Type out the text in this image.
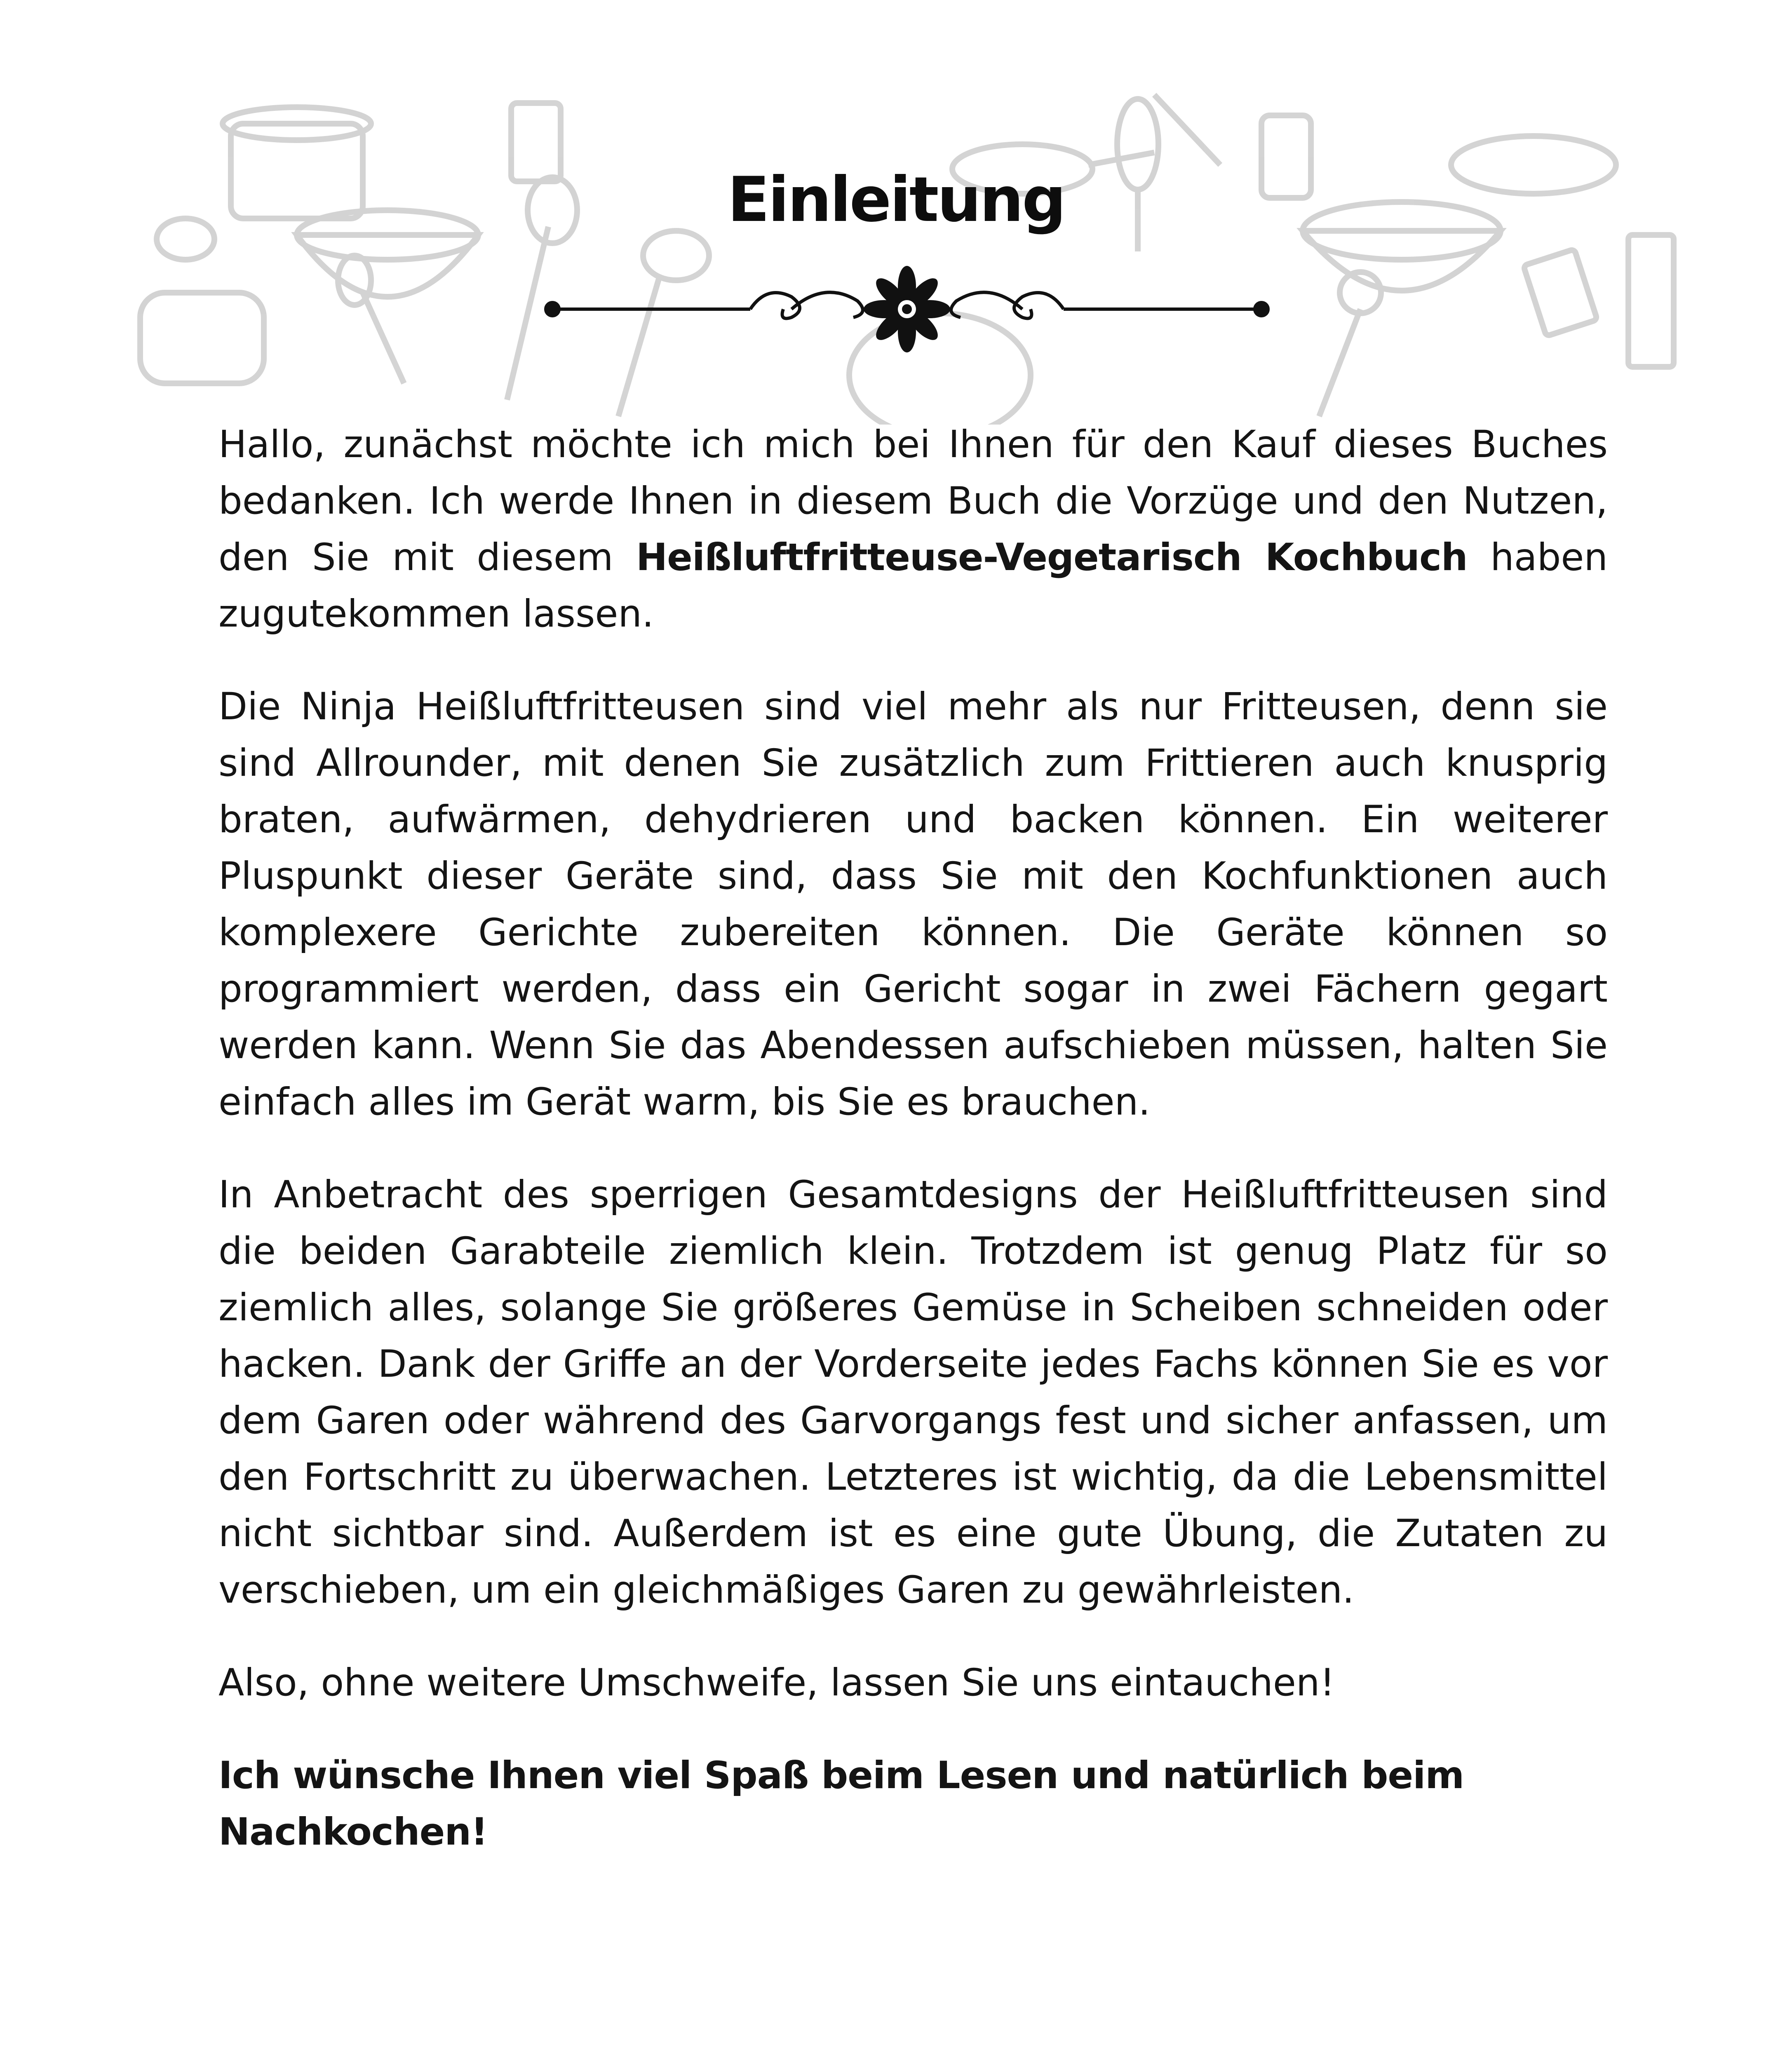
Einleitung

Hallo, zunächst möchte ich mich bei Ihnen für den Kauf dieses Buches bedanken. Ich werde Ihnen in diesem Buch die Vorzüge und den Nutzen, den Sie mit diesem Heißluftfritteuse-Vegetarisch Kochbuch haben zugutekommen lassen.

Die Ninja Heißluftfritteusen sind viel mehr als nur Fritteusen, denn sie sind Allrounder, mit denen Sie zusätzlich zum Frittieren auch knusprig braten, aufwärmen, dehydrieren und backen können. Ein weiterer Pluspunkt dieser Geräte sind, dass Sie mit den Kochfunktionen auch komplexere Gerichte zubereiten können. Die Geräte können so programmiert werden, dass ein Gericht sogar in zwei Fächern gegart werden kann. Wenn Sie das Abendessen aufschieben müssen, halten Sie einfach alles im Gerät warm, bis Sie es brauchen.

In Anbetracht des sperrigen Gesamtdesigns der Heißluftfritteusen sind die beiden Garabteile ziemlich klein. Trotzdem ist genug Platz für so ziemlich alles, solange Sie größeres Gemüse in Scheiben schneiden oder hacken. Dank der Griffe an der Vorderseite jedes Fachs können Sie es vor dem Garen oder während des Garvorgangs fest und sicher anfassen, um den Fortschritt zu überwachen. Letzteres ist wichtig, da die Lebensmittel nicht sichtbar sind. Außerdem ist es eine gute Übung, die Zutaten zu verschieben, um ein gleichmäßiges Garen zu gewährleisten.

Also, ohne weitere Umschweife, lassen Sie uns eintauchen!

Ich wünsche Ihnen viel Spaß beim Lesen und natürlich beim Nachkochen!
